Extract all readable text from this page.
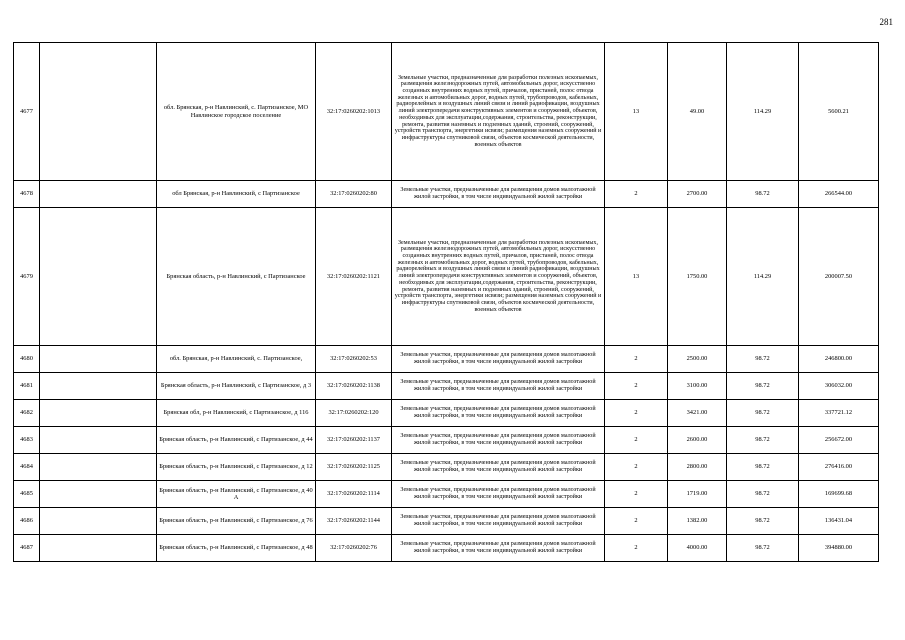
281
4677		обл. Брянская, р-н Навлинский, с. Партизанское, МО Навлинское городское поселение	32:17:0260202:1013	Земельные участки, предназначенные для разработки полезных ископаемых, размещения железнодорожных путей, автомобильных дорог, искусственно созданных внутренних водных путей, причалов, пристаней, полос отвода железных и автомобильных дорог, водных путей, трубопроводов, кабельных, радиорелейных и воздушных линий связи и линий радиофикации, воздушных линий электропередачи конструктивных элементов и сооружений, объектов, необходимых для эксплуатации,содержания, строительства, реконструкции, ремонта, развития наземных и подземных зданий, строений, сооружений, устройств транспорта, энергетики исвязи; размещения наземных сооружений и инфраструктуры спутниковой связи, объектов космической деятельности, военных объектов	13	49.00	114.29	5600.21
4678		обл Брянская, р-н Навлинский, с Партизанское	32:17:0260202:80	Земельные участки, предназначенные для размещения домов малоэтажной жилой застройки, в том числе индивидуальной жилой застройки	2	2700.00	98.72	266544.00
4679		Брянская область, р-н Навлинский, с Партизанское	32:17:0260202:1121	Земельные участки, предназначенные для разработки полезных ископаемых, размещения железнодорожных путей, автомобильных дорог, искусственно созданных внутренних водных путей, причалов, пристаней, полос отвода железных и автомобильных дорог, водных путей, трубопроводов, кабельных, радиорелейных и воздушных линий связи и линий радиофикации, воздушных линий электропередачи конструктивных элементов и сооружений, объектов, необходимых для эксплуатации,содержания, строительства, реконструкции, ремонта, развития наземных и подземных зданий, строений, сооружений, устройств транспорта, энергетики исвязи; размещения наземных сооружений и инфраструктуры спутниковой связи, объектов космической деятельности, военных объектов	13	1750.00	114.29	200007.50
4680		обл. Брянская, р-н Навлинский, с. Партизанское,	32:17:0260202:53	Земельные участки, предназначенные для размещения домов малоэтажной жилой застройки, в том числе индивидуальной жилой застройки	2	2500.00	98.72	246800.00
4681		Брянская область, р-н Навлинский, с Партизанское, д 3	32:17:0260202:1138	Земельные участки, предназначенные для размещения домов малоэтажной жилой застройки, в том числе индивидуальной жилой застройки	2	3100.00	98.72	306032.00
4682		Брянская обл, р-н Навлинский, с Партизанское, д 116	32:17:0260202:120	Земельные участки, предназначенные для размещения домов малоэтажной жилой застройки, в том числе индивидуальной жилой застройки	2	3421.00	98.72	337721.12
4683		Брянская область, р-н Навлинский, с Партизанское, д 44	32:17:0260202:1137	Земельные участки, предназначенные для размещения домов малоэтажной жилой застройки, в том числе индивидуальной жилой застройки	2	2600.00	98.72	256672.00
4684		Брянская область, р-н Навлинский, с Партизанское, д 12	32:17:0260202:1125	Земельные участки, предназначенные для размещения домов малоэтажной жилой застройки, в том числе индивидуальной жилой застройки	2	2800.00	98.72	276416.00
4685		Брянская область, р-н Навлинский, с Партизанское, д 40 А	32:17:0260202:1114	Земельные участки, предназначенные для размещения домов малоэтажной жилой застройки, в том числе индивидуальной жилой застройки	2	1719.00	98.72	169699.68
4686		Брянская область, р-н Навлинский, с Партизанское, д 76	32:17:0260202:1144	Земельные участки, предназначенные для размещения домов малоэтажной жилой застройки, в том числе индивидуальной жилой застройки	2	1382.00	98.72	136431.04
4687		Брянская область, р-н Навлинский, с Партизанское, д 48	32:17:0260202:76	Земельные участки, предназначенные для размещения домов малоэтажной жилой застройки, в том числе индивидуальной жилой застройки	2	4000.00	98.72	394880.00
